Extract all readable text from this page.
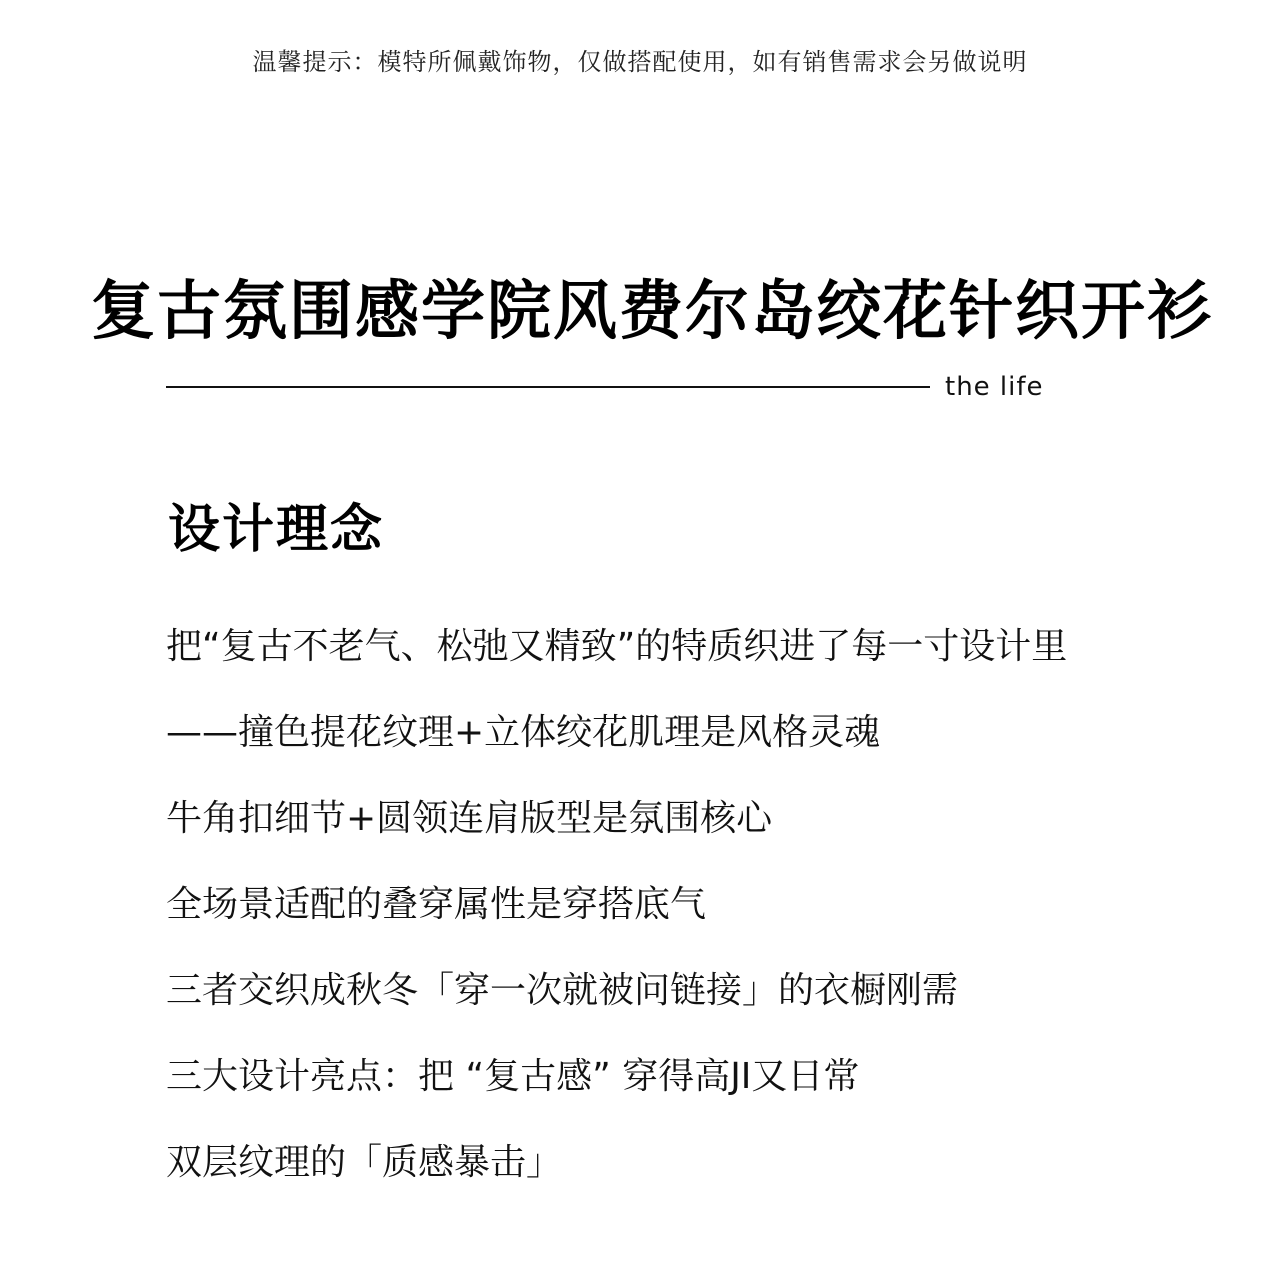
温馨提示：模特所佩戴饰物，仅做搭配使用，如有销售需求会另做说明
复古氛围感学院风费尔岛绞花针织开衫
the life
设计理念
把“复古不老气、松弛又精致”的特质织进了每一寸设计里
——撞色提花纹理+立体绞花肌理是风格灵魂
牛角扣细节+圆领连肩版型是氛围核心
全场景适配的叠穿属性是穿搭底气
三者交织成秋冬「穿一次就被问链接」的衣橱刚需
三大设计亮点：把 “复古感” 穿得高JI又日常
双层纹理的「质感暴击」
